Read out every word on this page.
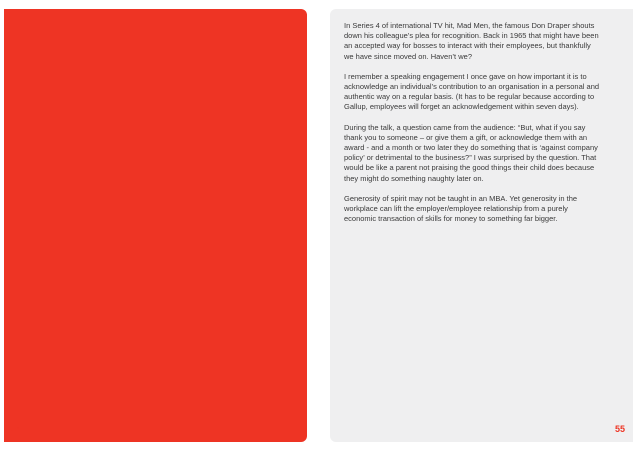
54

In Series 4 of international TV hit, Mad Men, the famous Don Draper shouts down his colleague’s plea for recognition. Back in 1965 that might have been an accepted way for bosses to interact with their employees, but thankfully we have since moved on. Haven’t we?

I remember a speaking engagement I once gave on how important it is to acknowledge an individual’s contribution to an organisation in a personal and authentic way on a regular basis. (It has to be regular because according to Gallup, employees will forget an acknowledgement within seven days).

During the talk, a question came from the audience: “But, what if you say thank you to someone – or give them a gift, or acknowledge them with an award - and a month or two later they do something that is ‘against company policy’ or detrimental to the business?” I was surprised by the question. That would be like a parent not praising the good things their child does because they might do something naughty later on.

Generosity of spirit may not be taught in an MBA. Yet generosity in the workplace can lift the employer/employee relationship from a purely economic transaction of skills for money to something far bigger.

55
